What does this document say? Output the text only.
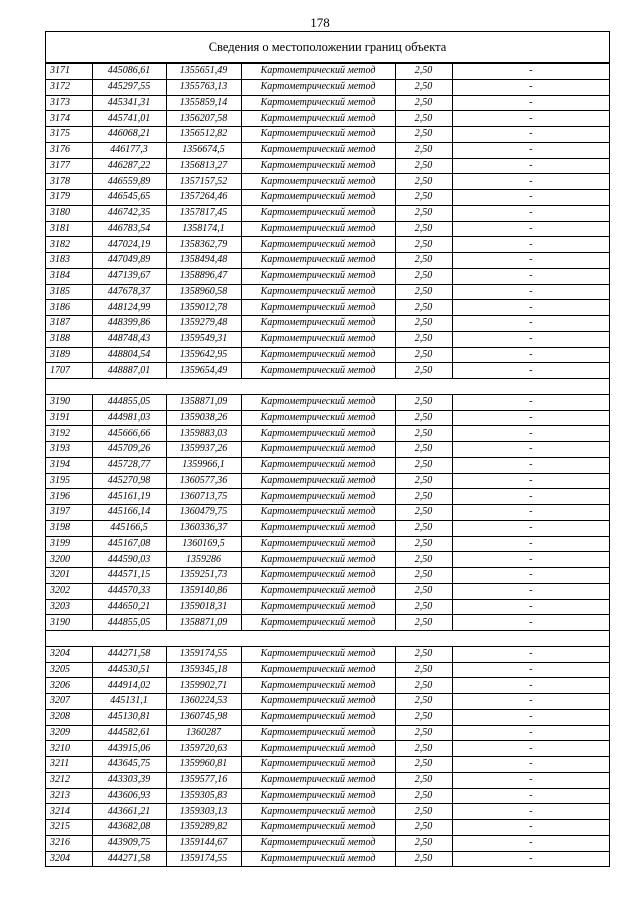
178
Сведения о местоположении границ объекта
3171	445086,61	1355651,49	Картометрический метод	2,50	-
3172	445297,55	1355763,13	Картометрический метод	2,50	-
3173	445341,31	1355859,14	Картометрический метод	2,50	-
3174	445741,01	1356207,58	Картометрический метод	2,50	-
3175	446068,21	1356512,82	Картометрический метод	2,50	-
3176	446177,3	1356674,5	Картометрический метод	2,50	-
3177	446287,22	1356813,27	Картометрический метод	2,50	-
3178	446559,89	1357157,52	Картометрический метод	2,50	-
3179	446545,65	1357264,46	Картометрический метод	2,50	-
3180	446742,35	1357817,45	Картометрический метод	2,50	-
3181	446783,54	1358174,1	Картометрический метод	2,50	-
3182	447024,19	1358362,79	Картометрический метод	2,50	-
3183	447049,89	1358494,48	Картометрический метод	2,50	-
3184	447139,67	1358896,47	Картометрический метод	2,50	-
3185	447678,37	1358960,58	Картометрический метод	2,50	-
3186	448124,99	1359012,78	Картометрический метод	2,50	-
3187	448399,86	1359279,48	Картометрический метод	2,50	-
3188	448748,43	1359549,31	Картометрический метод	2,50	-
3189	448804,54	1359642,95	Картометрический метод	2,50	-
1707	448887,01	1359654,49	Картометрический метод	2,50	-

3190	444855,05	1358871,09	Картометрический метод	2,50	-
3191	444981,03	1359038,26	Картометрический метод	2,50	-
3192	445666,66	1359883,03	Картометрический метод	2,50	-
3193	445709,26	1359937,26	Картометрический метод	2,50	-
3194	445728,77	1359966,1	Картометрический метод	2,50	-
3195	445270,98	1360577,36	Картометрический метод	2,50	-
3196	445161,19	1360713,75	Картометрический метод	2,50	-
3197	445166,14	1360479,75	Картометрический метод	2,50	-
3198	445166,5	1360336,37	Картометрический метод	2,50	-
3199	445167,08	1360169,5	Картометрический метод	2,50	-
3200	444590,03	1359286	Картометрический метод	2,50	-
3201	444571,15	1359251,73	Картометрический метод	2,50	-
3202	444570,33	1359140,86	Картометрический метод	2,50	-
3203	444650,21	1359018,31	Картометрический метод	2,50	-
3190	444855,05	1358871,09	Картометрический метод	2,50	-

3204	444271,58	1359174,55	Картометрический метод	2,50	-
3205	444530,51	1359345,18	Картометрический метод	2,50	-
3206	444914,02	1359902,71	Картометрический метод	2,50	-
3207	445131,1	1360224,53	Картометрический метод	2,50	-
3208	445130,81	1360745,98	Картометрический метод	2,50	-
3209	444582,61	1360287	Картометрический метод	2,50	-
3210	443915,06	1359720,63	Картометрический метод	2,50	-
3211	443645,75	1359960,81	Картометрический метод	2,50	-
3212	443303,39	1359577,16	Картометрический метод	2,50	-
3213	443606,93	1359305,83	Картометрический метод	2,50	-
3214	443661,21	1359303,13	Картометрический метод	2,50	-
3215	443682,08	1359289,82	Картометрический метод	2,50	-
3216	443909,75	1359144,67	Картометрический метод	2,50	-
3204	444271,58	1359174,55	Картометрический метод	2,50	-
